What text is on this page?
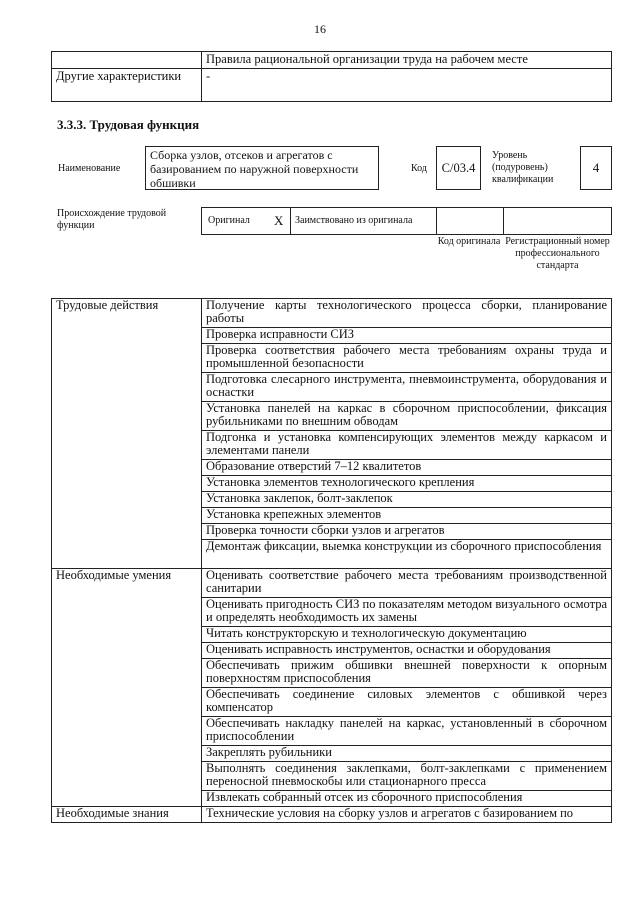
16
	Правила рациональной организации труда на рабочем месте
Другие характеристики	-
3.3.3. Трудовая функция
Наименование
Сборка узлов, отсеков и агрегатов с базированием по наружной поверхности обшивки
Код	С/03.4
Уровень (подуровень) квалификации
4
Происхождение трудовой функции	Оригинал X Заимствовано из оригинала
Код оригинала Регистрационный номер профессионального стандарта
Трудовые действия	Получение карты технологического процесса сборки, планирование работы
	Проверка исправности СИЗ
	Проверка соответствия рабочего места требованиям охраны труда и промышленной безопасности
	Подготовка слесарного инструмента, пневмоинструмента, оборудования и оснастки
	Установка панелей на каркас в сборочном приспособлении, фиксация рубильниками по внешним обводам
	Подгонка и установка компенсирующих элементов между каркасом и элементами панели
	Образование отверстий 7–12 квалитетов
	Установка элементов технологического крепления
	Установка заклепок, болт-заклепок
	Установка крепежных элементов
	Проверка точности сборки узлов и агрегатов
	Демонтаж фиксации, выемка конструкции из сборочного приспособления
Необходимые умения	Оценивать соответствие рабочего места требованиям производственной санитарии
	Оценивать пригодность СИЗ по показателям методом визуального осмотра и определять необходимость их замены
	Читать конструкторскую и технологическую документацию
	Оценивать исправность инструментов, оснастки и оборудования
	Обеспечивать прижим обшивки внешней поверхности к опорным поверхностям приспособления
	Обеспечивать соединение силовых элементов с обшивкой через компенсатор
	Обеспечивать накладку панелей на каркас, установленный в сборочном приспособлении
	Закреплять рубильники
	Выполнять соединения заклепками, болт-заклепками с применением переносной пневмоскобы или стационарного пресса
	Извлекать собранный отсек из сборочного приспособления
Необходимые знания	Технические условия на сборку узлов и агрегатов с базированием по
